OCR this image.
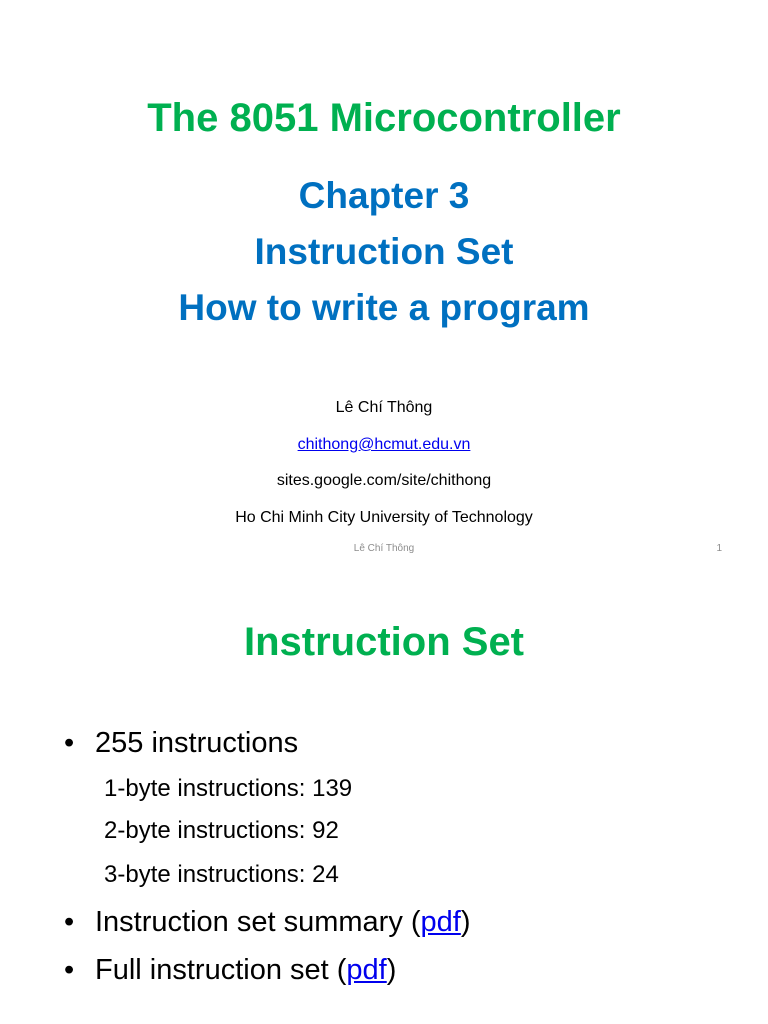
The 8051 Microcontroller
Chapter 3
Instruction Set
How to write a program
Lê Chí Thông
chithong@hcmut.edu.vn
sites.google.com/site/chithong
Ho Chi Minh City University of Technology
Lê Chí Thông	1
Instruction Set
• 255 instructions
1-byte instructions: 139
2-byte instructions: 92
3-byte instructions: 24
• Instruction set summary (pdf)
• Full instruction set (pdf)
